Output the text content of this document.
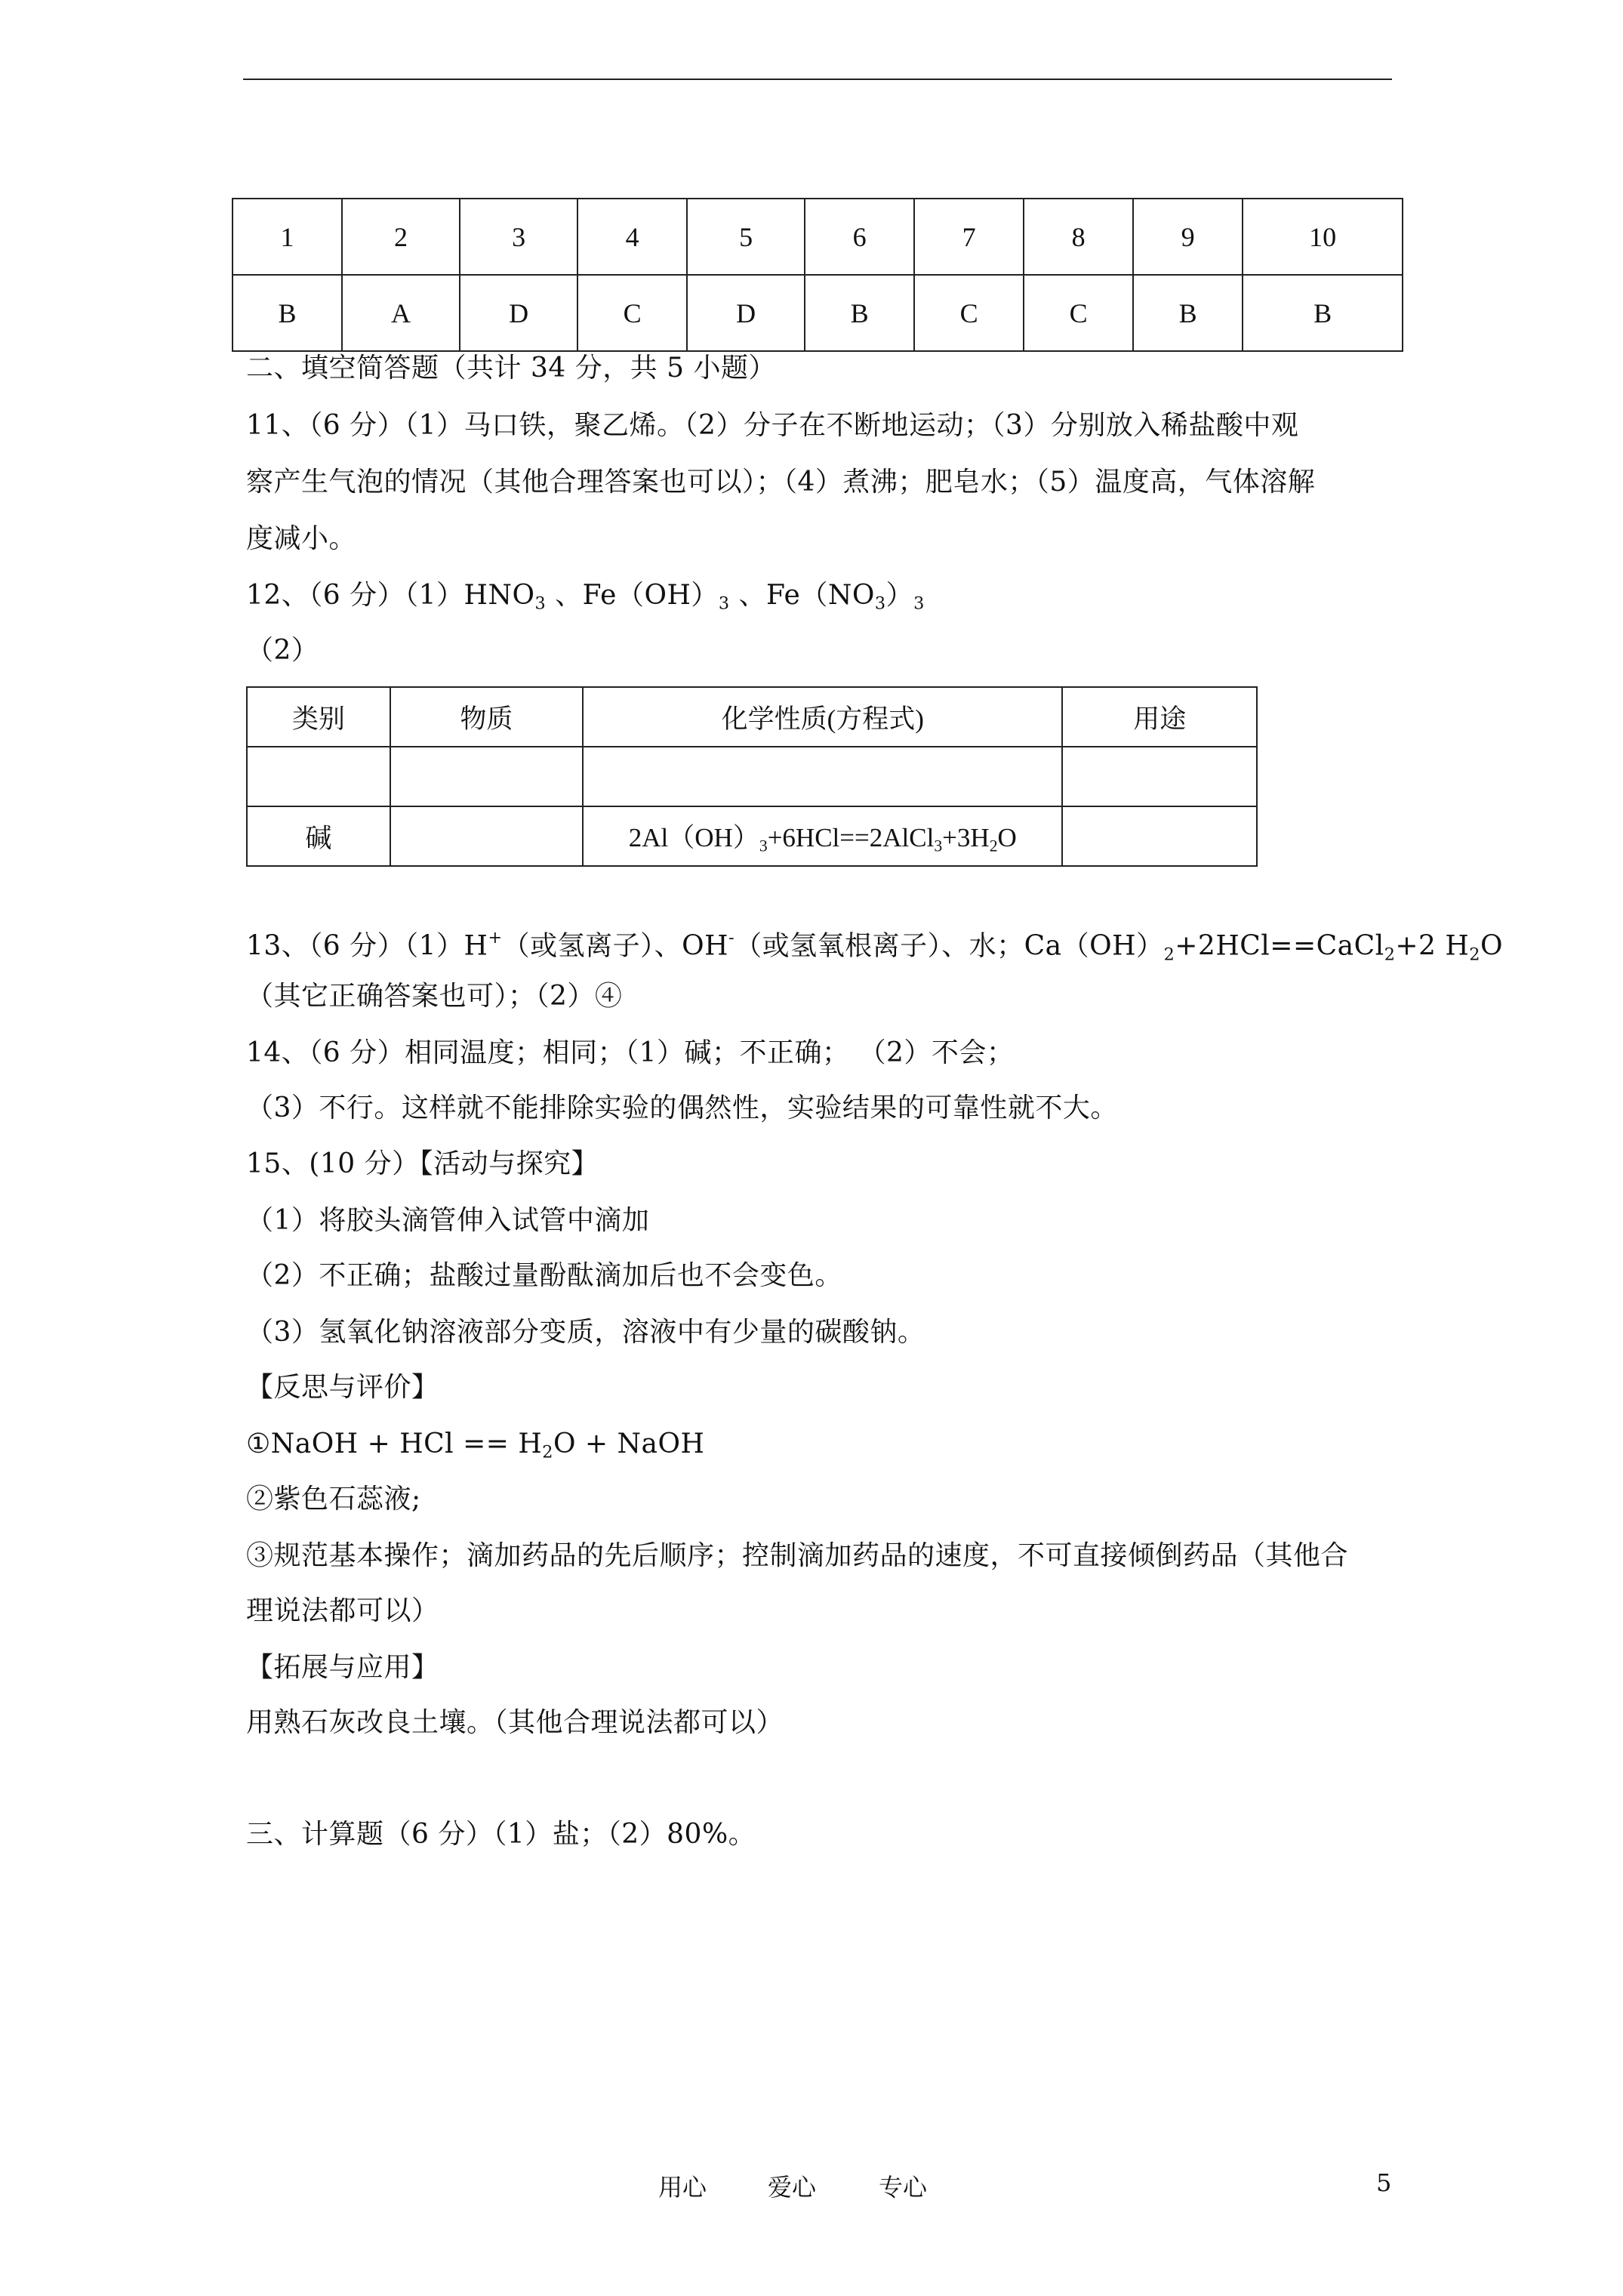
1	2	3	4	5	6	7	8	9	10
B	A	D	C	D	B	C	C	B	B
二、填空简答题（共计 34 分，共 5 小题）
11、（6 分）（1）马口铁，聚乙烯。（2）分子在不断地运动；（3）分别放入稀盐酸中观
察产生气泡的情况（其他合理答案也可以）；（4）煮沸；肥皂水；（5）温度高，气体溶解
度减小。
12、（6 分）$(1)HNO_3$ 、$Fe(OH)_3$ 、$Fe(NO_3)_3$
（2）
类别	物质	化学性质(方程式)	用途

碱		$2Al(OH)_3+6HCl==2AlCl_3+3H_2O$	
13、（6 分）（1）H+（或氢离子）、OH-（或氢氧根离子）、水；$Ca(OH)_2+2HCl==CaCl_2+2$ $H_2O$
（其它正确答案也可）；（2）④
14、（6 分）相同温度；相同；（1）碱；不正确； （2）不会；
（3）不行。这样就不能排除实验的偶然性，实验结果的可靠性就不大。
15、(10 分）【活动与探究】
（1）将胶头滴管伸入试管中滴加
（2）不正确；盐酸过量酚酞滴加后也不会变色。
（3）氢氧化钠溶液部分变质，溶液中有少量的碳酸钠。
【反思与评价】
①NaOH + HCl == $H_2O$ + NaOH
②紫色石蕊液;
③规范基本操作；滴加药品的先后顺序；控制滴加药品的速度，不可直接倾倒药品（其他合
理说法都可以）
【拓展与应用】
用熟石灰改良土壤。（其他合理说法都可以）
三、计算题（6 分）（1）盐；（2）80%。
用心	爱心	专心	5
